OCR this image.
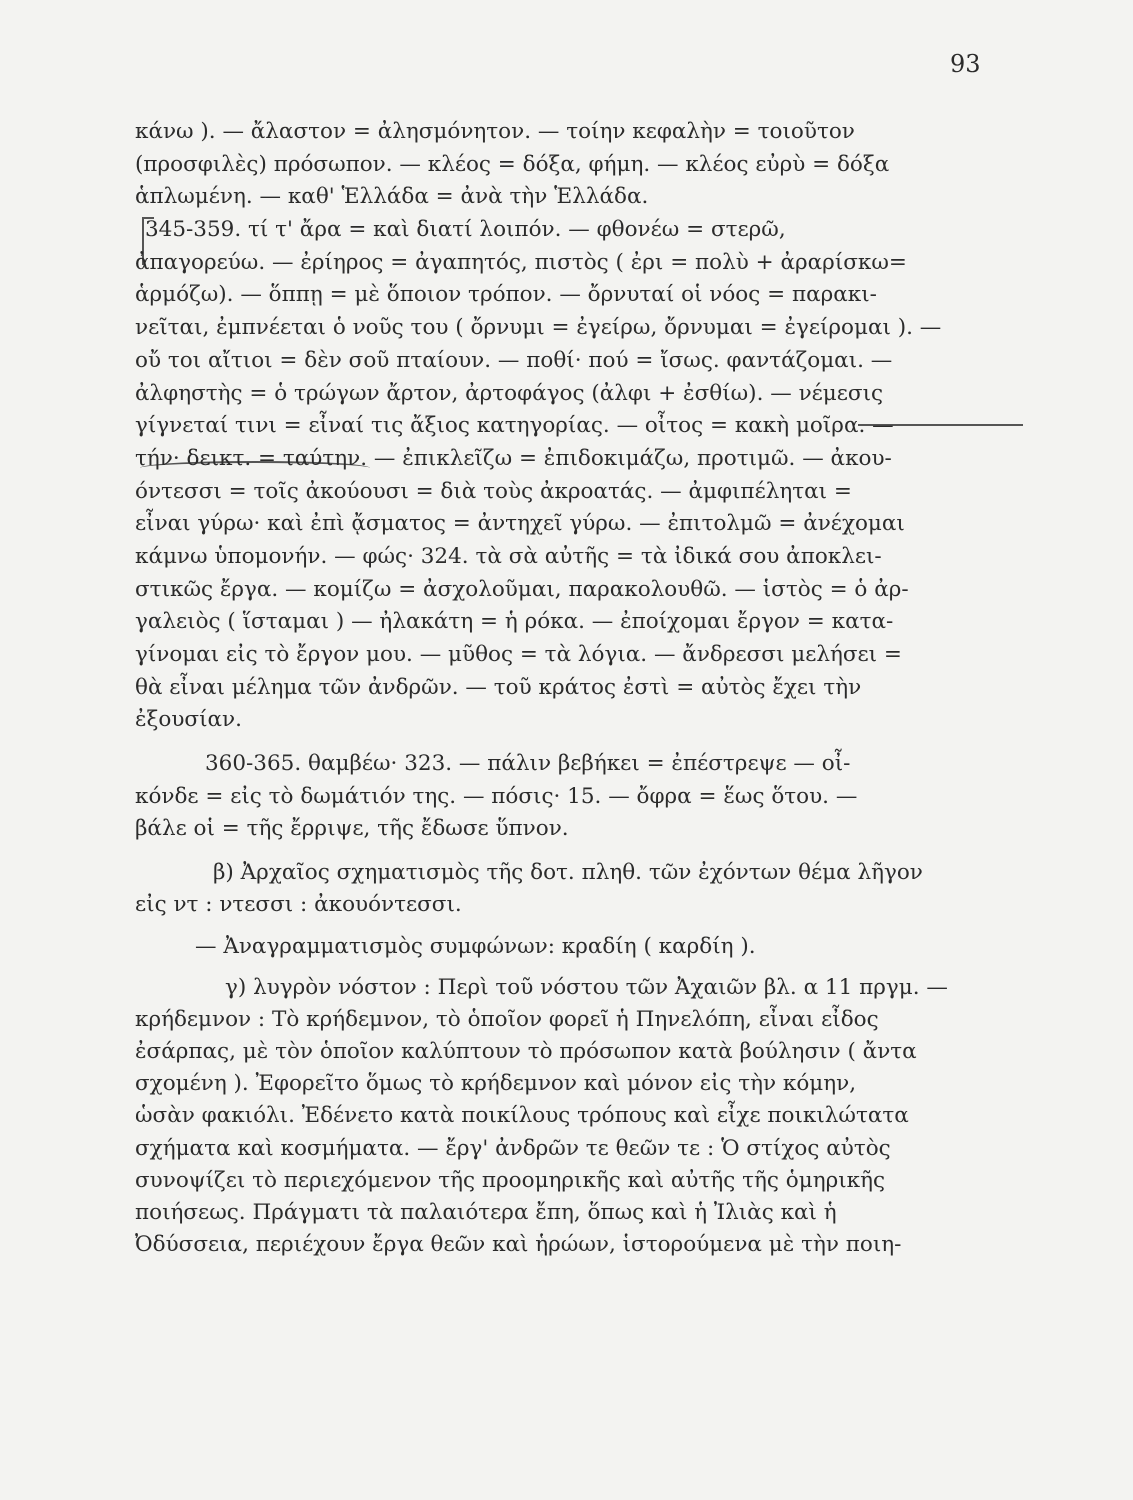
93
κάνω ). — ἄλαστον = ἀλησμόνητον. — τοίην κεφαλὴν = τοιοῦτον
(προσφιλὲς) πρόσωπον. — κλέος = δόξα, φήμη. — κλέος εὐρὺ = δόξα
ἁπλωμένη. — καθ' Ἑλλάδα = ἀνὰ τὴν Ἑλλάδα.
345-359. τί τ' ἄρα = καὶ διατί λοιπόν. — φθονέω = στερῶ,
ἀπαγορεύω. — ἐρίηρος = ἀγαπητός, πιστὸς ( ἐρι = πολὺ + ἀραρίσκω=
ἁρμόζω). — ὅππῃ = μὲ ὅποιον τρόπον. — ὄρνυταί οἱ νόος = παρακι-
νεῖται, ἐμπνέεται ὁ νοῦς του ( ὄρνυμι = ἐγείρω, ὄρνυμαι = ἐγείρομαι ). —
οὔ τοι αἴτιοι = δὲν σοῦ πταίουν. — ποθί· πού = ἴσως. φαντάζομαι. —
ἀλφηστὴς = ὁ τρώγων ἄρτον, ἀρτοφάγος (ἀλφι + ἐσθίω). — νέμεσις
γίγνεταί τινι = εἶναί τις ἄξιος κατηγορίας. — οἶτος = κακὴ μοῖρα. —
τήν· δεικτ. = ταύτην. — ἐπικλεῖζω = ἐπιδοκιμάζω, προτιμῶ. — ἀκου-
όντεσσι = τοῖς ἀκούουσι = διὰ τοὺς ἀκροατάς. — ἀμφιπέληται =
εἶναι γύρω· καὶ ἐπὶ ᾄσματος = ἀντηχεῖ γύρω. — ἐπιτολμῶ = ἀνέχομαι
κάμνω ὑπομονήν. — φώς· 324. τὰ σὰ αὐτῆς = τὰ ἰδικά σου ἀποκλει-
στικῶς ἔργα. — κομίζω = ἀσχολοῦμαι, παρακολουθῶ. — ἱστὸς = ὁ ἀρ-
γαλειὸς ( ἵσταμαι ) — ἠλακάτη = ἡ ρόκα. — ἐποίχομαι ἔργον = κατα-
γίνομαι εἰς τὸ ἔργον μου. — μῦθος = τὰ λόγια. — ἄνδρεσσι μελήσει =
θὰ εἶναι μέλημα τῶν ἀνδρῶν. — τοῦ κράτος ἐστὶ = αὐτὸς ἔχει τὴν
ἐξουσίαν.
360-365. θαμβέω· 323. — πάλιν βεβήκει = ἐπέστρεψε — οἶ-
κόνδε = εἰς τὸ δωμάτιόν της. — πόσις· 15. — ὄφρα = ἕως ὅτου. —
βάλε οἱ = τῆς ἔρριψε, τῆς ἔδωσε ὕπνον.
β) Ἀρχαῖος σχηματισμὸς τῆς δοτ. πληθ. τῶν ἐχόντων θέμα λῆγον
εἰς ντ : ντεσσι : ἀκουόντεσσι.
— Ἀναγραμματισμὸς συμφώνων: κραδίη ( καρδίη ).
γ) λυγρὸν νόστον : Περὶ τοῦ νόστου τῶν Ἀχαιῶν βλ. α 11 πργμ. —
κρήδεμνον : Τὸ κρήδεμνον, τὸ ὁποῖον φορεῖ ἡ Πηνελόπη, εἶναι εἶδος
ἐσάρπας, μὲ τὸν ὁποῖον καλύπτουν τὸ πρόσωπον κατὰ βούλησιν ( ἄντα
σχομένη ). Ἐφορεῖτο ὅμως τὸ κρήδεμνον καὶ μόνον εἰς τὴν κόμην,
ὡσὰν φακιόλι. Ἐδένετο κατὰ ποικίλους τρόπους καὶ εἶχε ποικιλώτατα
σχήματα καὶ κοσμήματα. — ἔργ' ἀνδρῶν τε θεῶν τε : Ὁ στίχος αὐτὸς
συνοψίζει τὸ περιεχόμενον τῆς προομηρικῆς καὶ αὐτῆς τῆς ὁμηρικῆς
ποιήσεως. Πράγματι τὰ παλαιότερα ἔπη, ὅπως καὶ ἡ Ἰλιὰς καὶ ἡ
Ὀδύσσεια, περιέχουν ἔργα θεῶν καὶ ἡρώων, ἱστορούμενα μὲ τὴν ποιη-
